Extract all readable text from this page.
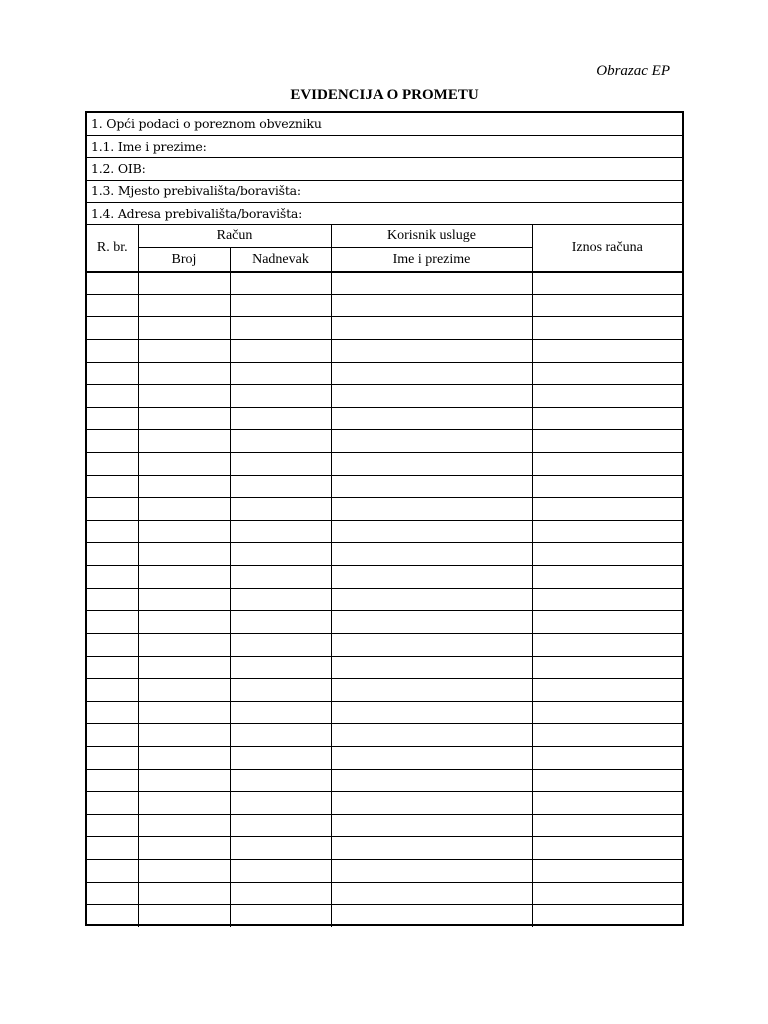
Obrazac EP
EVIDENCIJA O PROMETU
1. Opći podaci o poreznom obvezniku				
1.1. Ime i prezime:				
1.2. OIB:				
1.3. Mjesto prebivališta/boravišta:				
1.4. Adresa prebivališta/boravišta:				
R. br.	Račun		Korisnik usluge	Iznos računa
	Broj	Nadnevak	Ime i prezime	
